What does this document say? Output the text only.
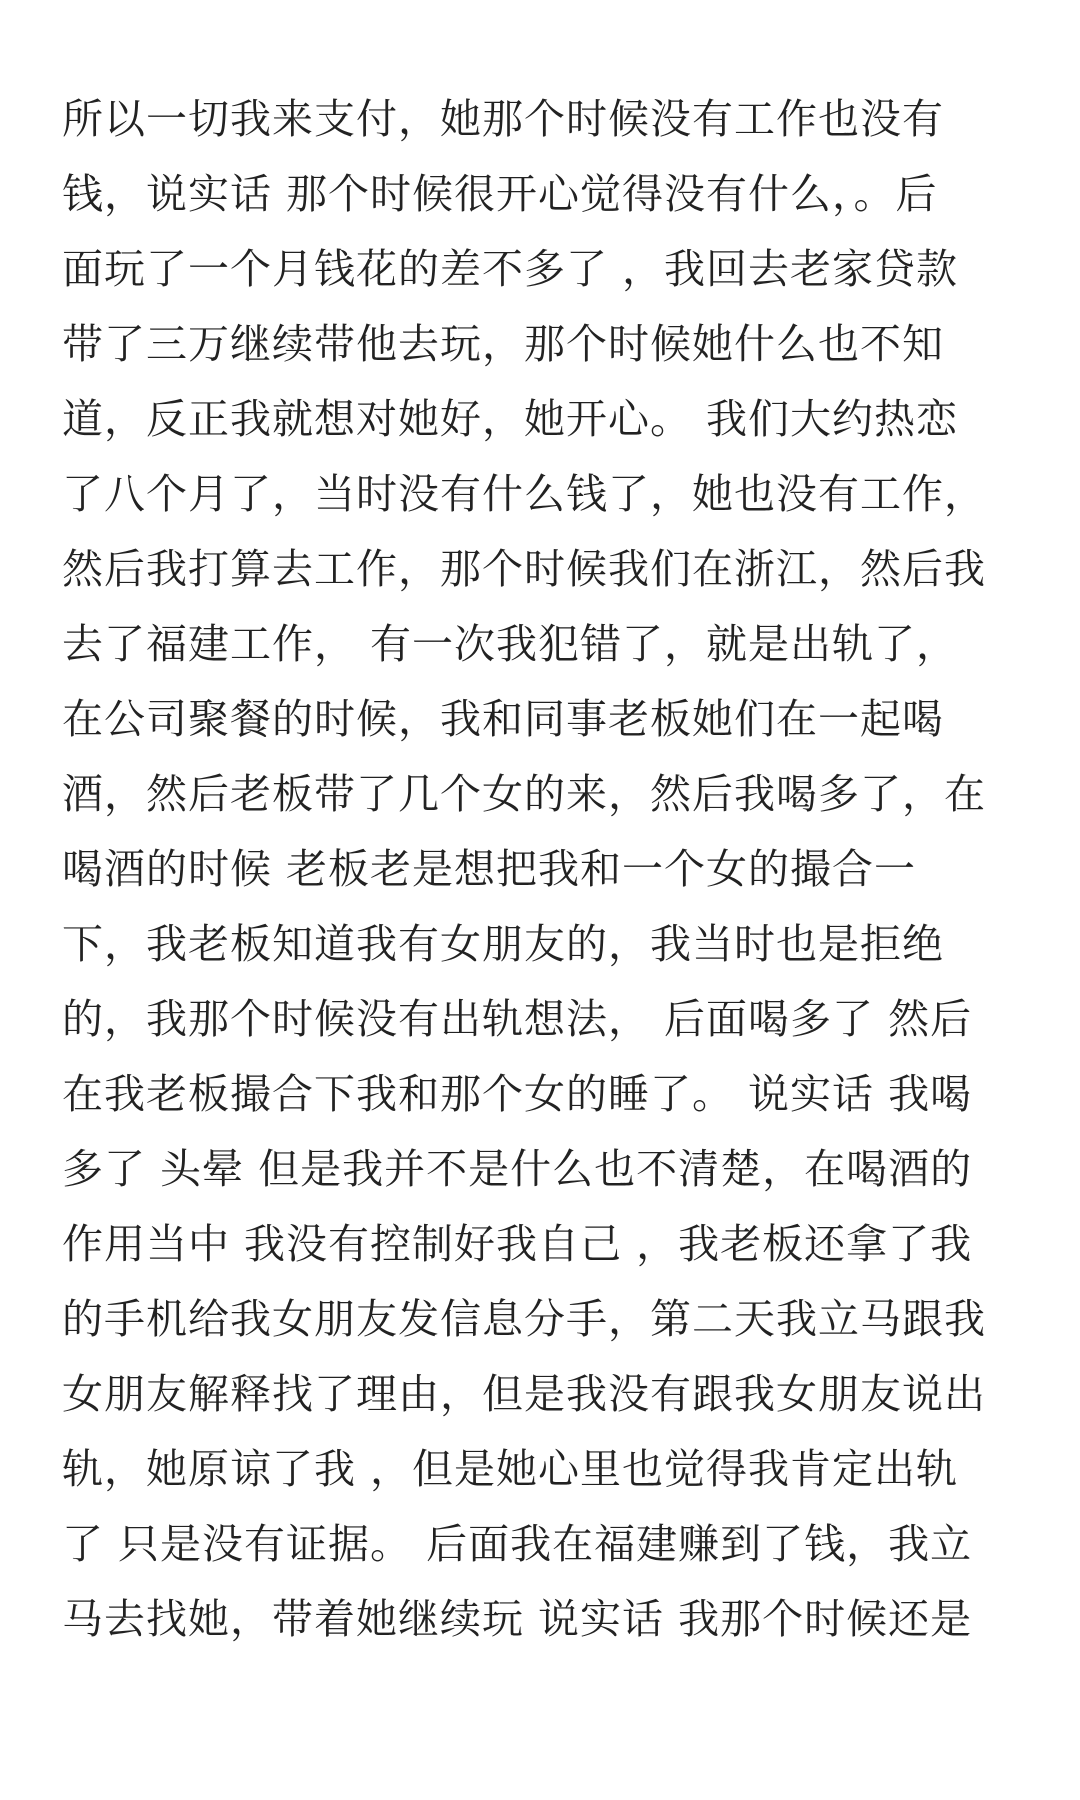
所以一切我来支付，她那个时候没有工作也没有
钱，说实话 那个时候很开心觉得没有什么，。后
面玩了一个月钱花的差不多了 ，我回去老家贷款
带了三万继续带他去玩，那个时候她什么也不知
道，反正我就想对她好，她开心。 我们大约热恋
了八个月了，当时没有什么钱了，她也没有工作，
然后我打算去工作，那个时候我们在浙江，然后我
去了福建工作， 有一次我犯错了，就是出轨了，
在公司聚餐的时候，我和同事老板她们在一起喝
酒，然后老板带了几个女的来，然后我喝多了，在
喝酒的时候 老板老是想把我和一个女的撮合一
下，我老板知道我有女朋友的，我当时也是拒绝
的，我那个时候没有出轨想法， 后面喝多了 然后
在我老板撮合下我和那个女的睡了。 说实话 我喝
多了 头晕 但是我并不是什么也不清楚，在喝酒的
作用当中 我没有控制好我自己 ，我老板还拿了我
的手机给我女朋友发信息分手，第二天我立马跟我
女朋友解释找了理由，但是我没有跟我女朋友说出
轨，她原谅了我 ，但是她心里也觉得我肯定出轨
了 只是没有证据。 后面我在福建赚到了钱，我立
马去找她，带着她继续玩 说实话 我那个时候还是
